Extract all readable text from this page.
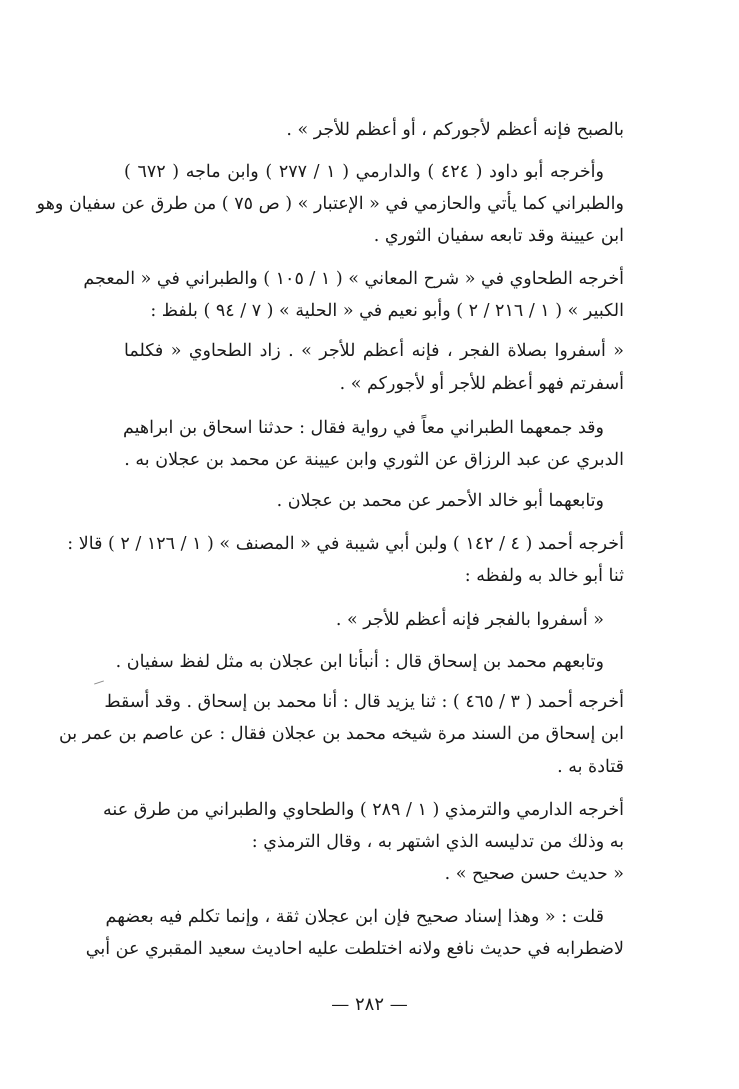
بالصبح فإنه أعظم لأجوركم ، أو أعظم للأجر » .
وأخرجه أبو داود ( ٤٢٤ ) والدارمي ( ١ / ٢٧٧ ) وابن ماجه ( ٦٧٢ )
والطبراني كما يأتي والحازمي في « الإعتبار » ( ص ٧٥ ) من طرق عن سفيان وهو
ابن عيينة وقد تابعه سفيان الثوري .
أخرجه الطحاوي في « شرح المعاني » ( ١ / ١٠٥ ) والطبراني في « المعجم
الكبير » ( ١ / ٢١٦ / ٢ ) وأبو نعيم في « الحلية » ( ٧ / ٩٤ ) بلفظ :
« أسفروا بصلاة الفجر ، فإنه أعظم للأجر » . زاد الطحاوي « فكلما
أسفرتم فهو أعظم للأجر أو لأجوركم » .
وقد جمعهما الطبراني معاً في رواية فقال : حدثنا اسحاق بن ابراهيم
الدبري عن عبد الرزاق عن الثوري وابن عيينة عن محمد بن عجلان به .
وتابعهما أبو خالد الأحمر عن محمد بن عجلان .
أخرجه أحمد ( ٤ / ١٤٢ ) ولبن أبي شيبة في « المصنف » ( ١ / ١٢٦ / ٢ ) قالا :
ثنا أبو خالد به ولفظه :
« أسفروا بالفجر فإنه أعظم للأجر » .
وتابعهم محمد بن إسحاق قال : أنبأنا ابن عجلان به مثل لفظ سفيان .
أخرجه أحمد ( ٣ / ٤٦٥ ) : ثنا يزيد قال : أنا محمد بن إسحاق . وقد أسقط
ابن إسحاق من السند مرة شيخه محمد بن عجلان فقال : عن عاصم بن عمر بن
قتادة به .
أخرجه الدارمي والترمذي ( ١ / ٢٨٩ ) والطحاوي والطبراني من طرق عنه
به وذلك من تدليسه الذي اشتهر به ، وقال الترمذي :
« حديث حسن صحيح » .
قلت : « وهذا إسناد صحيح فإن ابن عجلان ثقة ، وإنما تكلم فيه بعضهم
لاضطرابه في حديث نافع ولانه اختلطت عليه احاديث سعيد المقبري عن أبي
— ٢٨٢ —
